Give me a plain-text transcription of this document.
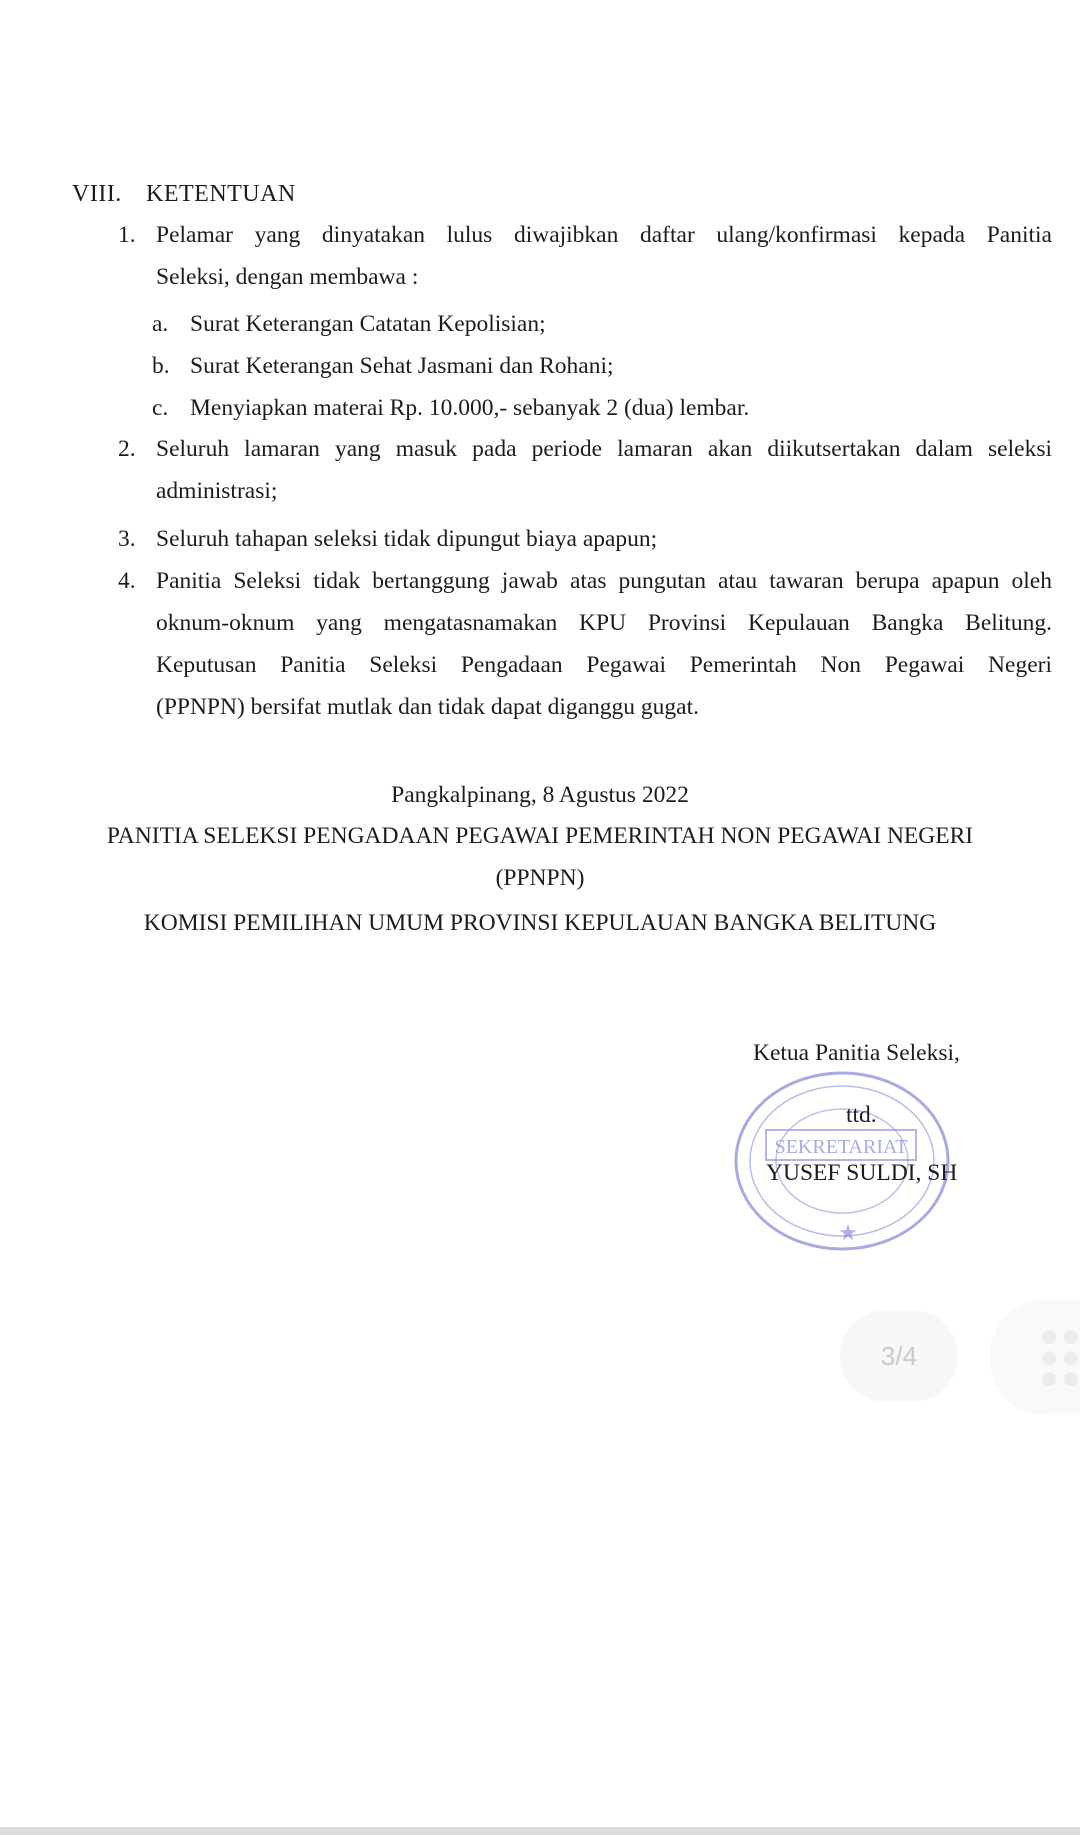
VIII. KETENTUAN
1. Pelamar yang dinyatakan lulus diwajibkan daftar ulang/konfirmasi kepada Panitia
Seleksi, dengan membawa :
a. Surat Keterangan Catatan Kepolisian;
b. Surat Keterangan Sehat Jasmani dan Rohani;
c. Menyiapkan materai Rp. 10.000,- sebanyak 2 (dua) lembar.
2. Seluruh lamaran yang masuk pada periode lamaran akan diikutsertakan dalam seleksi
administrasi;
3. Seluruh tahapan seleksi tidak dipungut biaya apapun;
4. Panitia Seleksi tidak bertanggung jawab atas pungutan atau tawaran berupa apapun oleh
oknum-oknum yang mengatasnamakan KPU Provinsi Kepulauan Bangka Belitung.
Keputusan Panitia Seleksi Pengadaan Pegawai Pemerintah Non Pegawai Negeri
(PPNPN) bersifat mutlak dan tidak dapat diganggu gugat.
Pangkalpinang, 8 Agustus 2022
PANITIA SELEKSI PENGADAAN PEGAWAI PEMERINTAH NON PEGAWAI NEGERI
(PPNPN)
KOMISI PEMILIHAN UMUM PROVINSI KEPULAUAN BANGKA BELITUNG
SEKRETARIAT
★
Ketua Panitia Seleksi,
ttd.
YUSEF SULDI, SH
3/4
